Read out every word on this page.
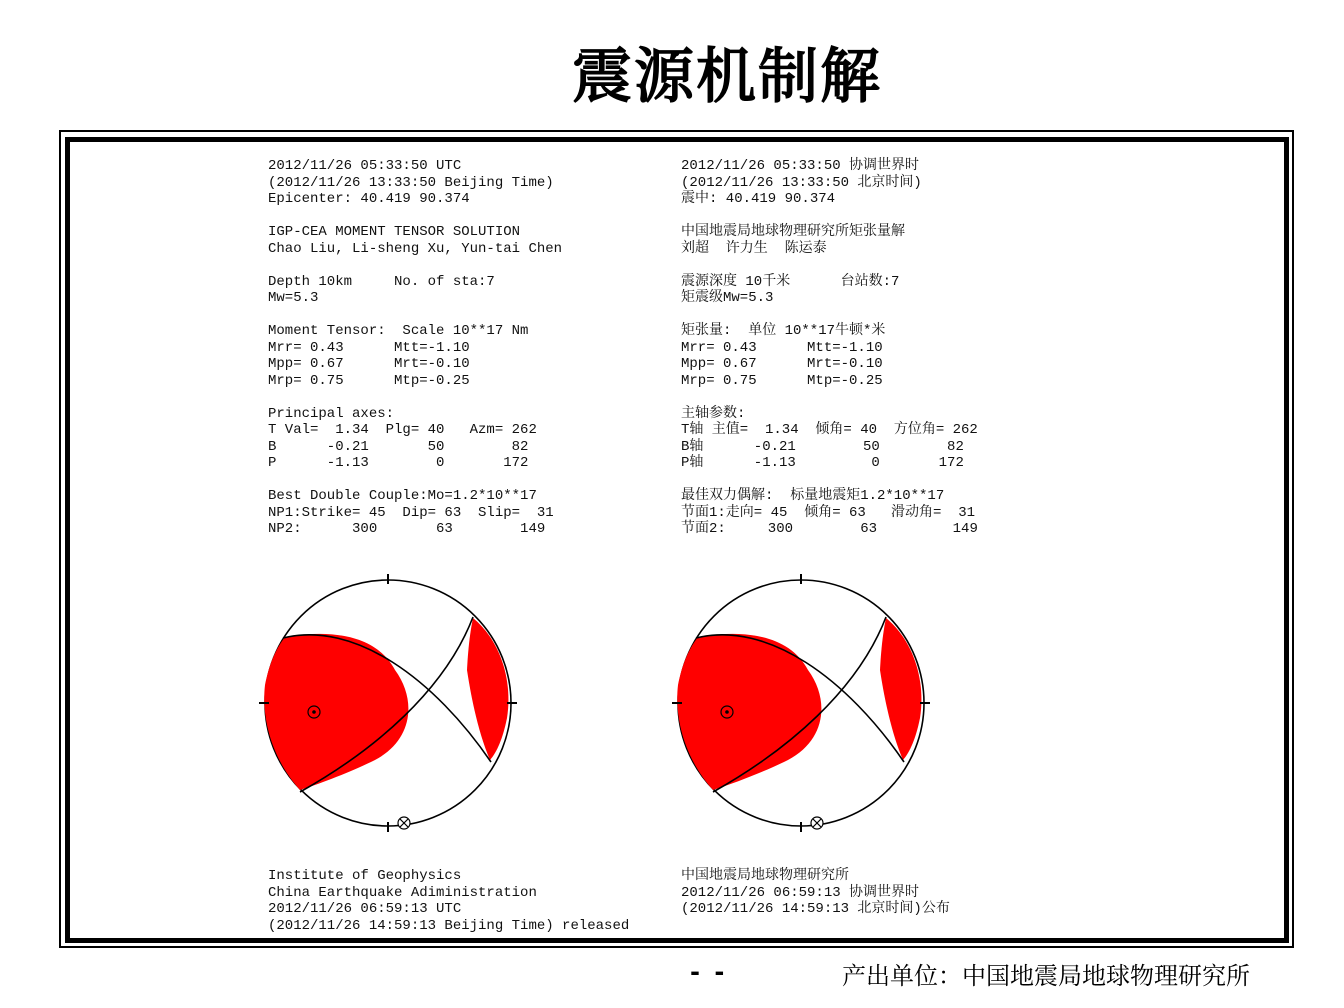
震源机制解
2012/11/26 05:33:50 UTC
(2012/11/26 13:33:50 Beijing Time)
Epicenter: 40.419 90.374
IGP-CEA MOMENT TENSOR SOLUTION
Chao Liu, Li-sheng Xu, Yun-tai Chen
Depth 10km     No. of sta:7
Mw=5.3
Moment Tensor:  Scale 10**17 Nm
Mrr= 0.43      Mtt=-1.10
Mpp= 0.67      Mrt=-0.10
Mrp= 0.75      Mtp=-0.25
Principal axes:
T Val=  1.34  Plg= 40   Azm= 262
B      -0.21       50        82
P      -1.13        0       172
Best Double Couple:Mo=1.2*10**17
NP1:Strike= 45  Dip= 63  Slip=  31
NP2:      300       63        149
2012/11/26 05:33:50 协调世界时
(2012/11/26 13:33:50 北京时间)
震中: 40.419 90.374
中国地震局地球物理研究所矩张量解
刘超  许力生  陈运泰
震源深度 10千米      台站数:7
矩震级Mw=5.3
矩张量:  单位 10**17牛顿*米
Mrr= 0.43      Mtt=-1.10
Mpp= 0.67      Mrt=-0.10
Mrp= 0.75      Mtp=-0.25
主轴参数:
T轴 主值=  1.34  倾角= 40  方位角= 262
B轴      -0.21        50        82
P轴      -1.13         0       172
最佳双力偶解:  标量地震矩1.2*10**17
节面1:走向= 45  倾角= 63   滑动角=  31
节面2:     300        63         149
Institute of Geophysics
China Earthquake Adiministration
2012/11/26 06:59:13 UTC
(2012/11/26 14:59:13 Beijing Time) released
中国地震局地球物理研究所
2012/11/26 06:59:13 协调世界时
(2012/11/26 14:59:13 北京时间)公布
- -	产出单位：中国地震局地球物理研究所
